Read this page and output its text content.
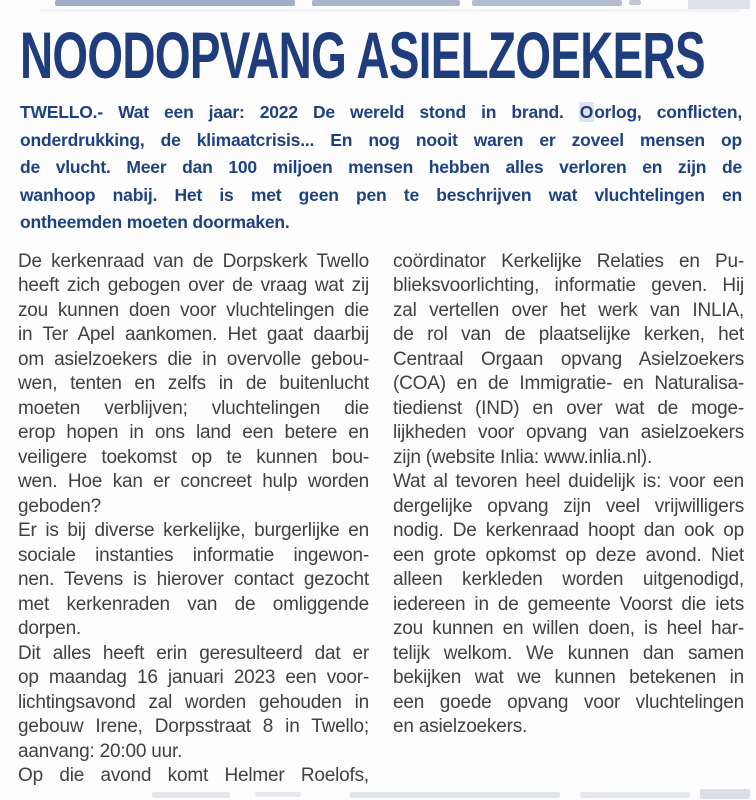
NOODOPVANG ASIELZOEKERS
TWELLO.- Wat een jaar: 2022 De wereld stond in brand. Oorlog, conflicten,
onderdrukking, de klimaatcrisis... En nog nooit waren er zoveel mensen op
de vlucht. Meer dan 100 miljoen mensen hebben alles verloren en zijn de
wanhoop nabij. Het is met geen pen te beschrijven wat vluchtelingen en
ontheemden moeten doormaken.
De kerkenraad van de Dorpskerk Twello
heeft zich gebogen over de vraag wat zij
zou kunnen doen voor vluchtelingen die
in Ter Apel aankomen. Het gaat daarbij
om asielzoekers die in overvolle gebou-
wen, tenten en zelfs in de buitenlucht
moeten verblijven; vluchtelingen die
erop hopen in ons land een betere en
veiligere toekomst op te kunnen bou-
wen. Hoe kan er concreet hulp worden
geboden?
Er is bij diverse kerkelijke, burgerlijke en
sociale instanties informatie ingewon-
nen. Tevens is hierover contact gezocht
met kerkenraden van de omliggende
dorpen.
Dit alles heeft erin geresulteerd dat er
op maandag 16 januari 2023 een voor-
lichtingsavond zal worden gehouden in
gebouw Irene, Dorpsstraat 8 in Twello;
aanvang: 20:00 uur.
Op die avond komt Helmer Roelofs,
coördinator Kerkelijke Relaties en Pu-
blieksvoorlichting, informatie geven. Hij
zal vertellen over het werk van INLIA,
de rol van de plaatselijke kerken, het
Centraal Orgaan opvang Asielzoekers
(COA) en de Immigratie- en Naturalisa-
tiedienst (IND) en over wat de moge-
lijkheden voor opvang van asielzoekers
zijn (website Inlia: www.inlia.nl).
Wat al tevoren heel duidelijk is: voor een
dergelijke opvang zijn veel vrijwilligers
nodig. De kerkenraad hoopt dan ook op
een grote opkomst op deze avond. Niet
alleen kerkleden worden uitgenodigd,
iedereen in de gemeente Voorst die iets
zou kunnen en willen doen, is heel har-
telijk welkom. We kunnen dan samen
bekijken wat we kunnen betekenen in
een goede opvang voor vluchtelingen
en asielzoekers.
